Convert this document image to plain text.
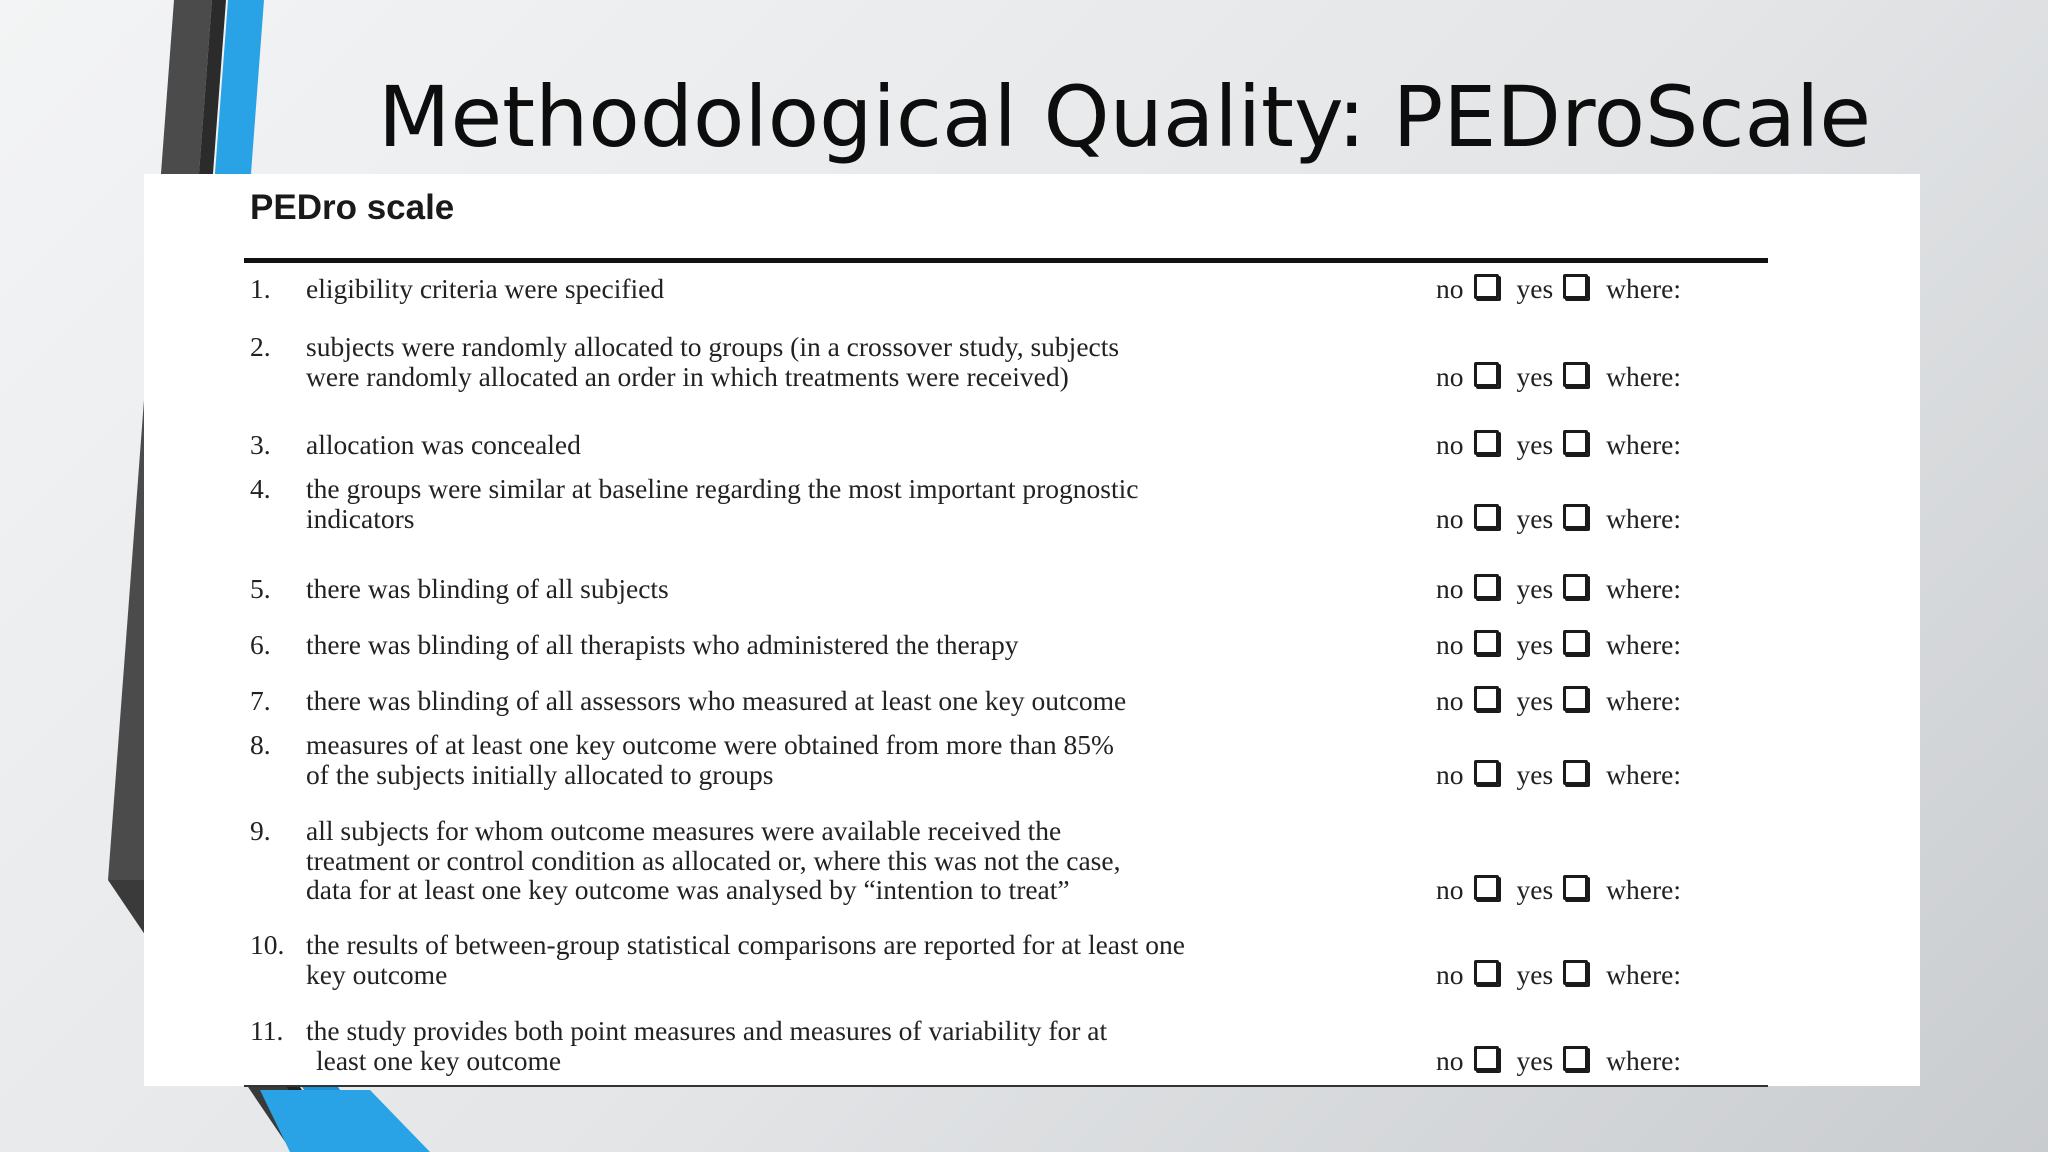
Methodological Quality: PEDroScale
PEDro scale
1. eligibility criteria were specified	no yes where:
2. subjects were randomly allocated to groups (in a crossover study, subjects
were randomly allocated an order in which treatments were received)	no yes where:
3. allocation was concealed	no yes where:
4. the groups were similar at baseline regarding the most important prognostic
indicators	no yes where:
5. there was blinding of all subjects	no yes where:
6. there was blinding of all therapists who administered the therapy	no yes where:
7. there was blinding of all assessors who measured at least one key outcome	no yes where:
8. measures of at least one key outcome were obtained from more than 85%
of the subjects initially allocated to groups	no yes where:
9. all subjects for whom outcome measures were available received the
treatment or control condition as allocated or, where this was not the case,
data for at least one key outcome was analysed by “intention to treat”	no yes where:
10. the results of between-group statistical comparisons are reported for at least one
key outcome	no yes where:
11. the study provides both point measures and measures of variability for at
least one key outcome	no yes where:
